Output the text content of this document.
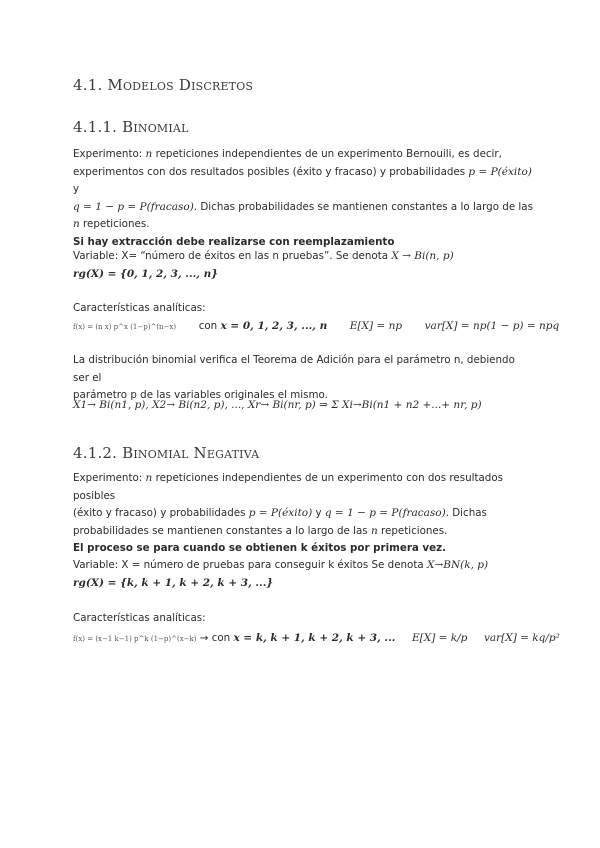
4.1. Modelos Discretos
4.1.1. Binomial
Experimento: n repeticiones independientes de un experimento Bernouili, es decir,
experimentos con dos resultados posibles (éxito y fracaso) y probabilidades p = P(éxito) y
q = 1 − p = P(fracaso). Dichas probabilidades se mantienen constantes a lo largo de las
n repeticiones.
Si hay extracción debe realizarse con reemplazamiento
Variable: X= “número de éxitos en las n pruebas”. Se denota X → Bi(n, p)
rg(X) = {0, 1, 2, 3, ..., n}
Características analíticas:
f(x) = (n x) p^x (1−p)^(n−x) con x = 0, 1, 2, 3, ..., n E[X] = np var[X] = np(1 − p) = npq
La distribución binomial verifica el Teorema de Adición para el parámetro n, debiendo ser el
parámetro p de las variables originales el mismo.
X1→ Bi(n1, p), X2→ Bi(n2, p), ..., Xr→ Bi(nr, p) ⇒ Σ Xi→Bi(n1 + n2 +...+ nr, p)
4.1.2. Binomial Negativa
Experimento: n repeticiones independientes de un experimento con dos resultados posibles
(éxito y fracaso) y probabilidades p = P(éxito) y q = 1 − p = P(fracaso). Dichas
probabilidades se mantienen constantes a lo largo de las n repeticiones.
El proceso se para cuando se obtienen k éxitos por primera vez.
Variable: X = número de pruebas para conseguir k éxitos Se denota X→BN(k, p)
rg(X) = {k, k + 1, k + 2, k + 3, ...}
Características analíticas:
f(x) = (x−1 k−1) p^k (1−p)^(x−k) → con x = k, k + 1, k + 2, k + 3, ... E[X] = k/p var[X] = kq/p²
